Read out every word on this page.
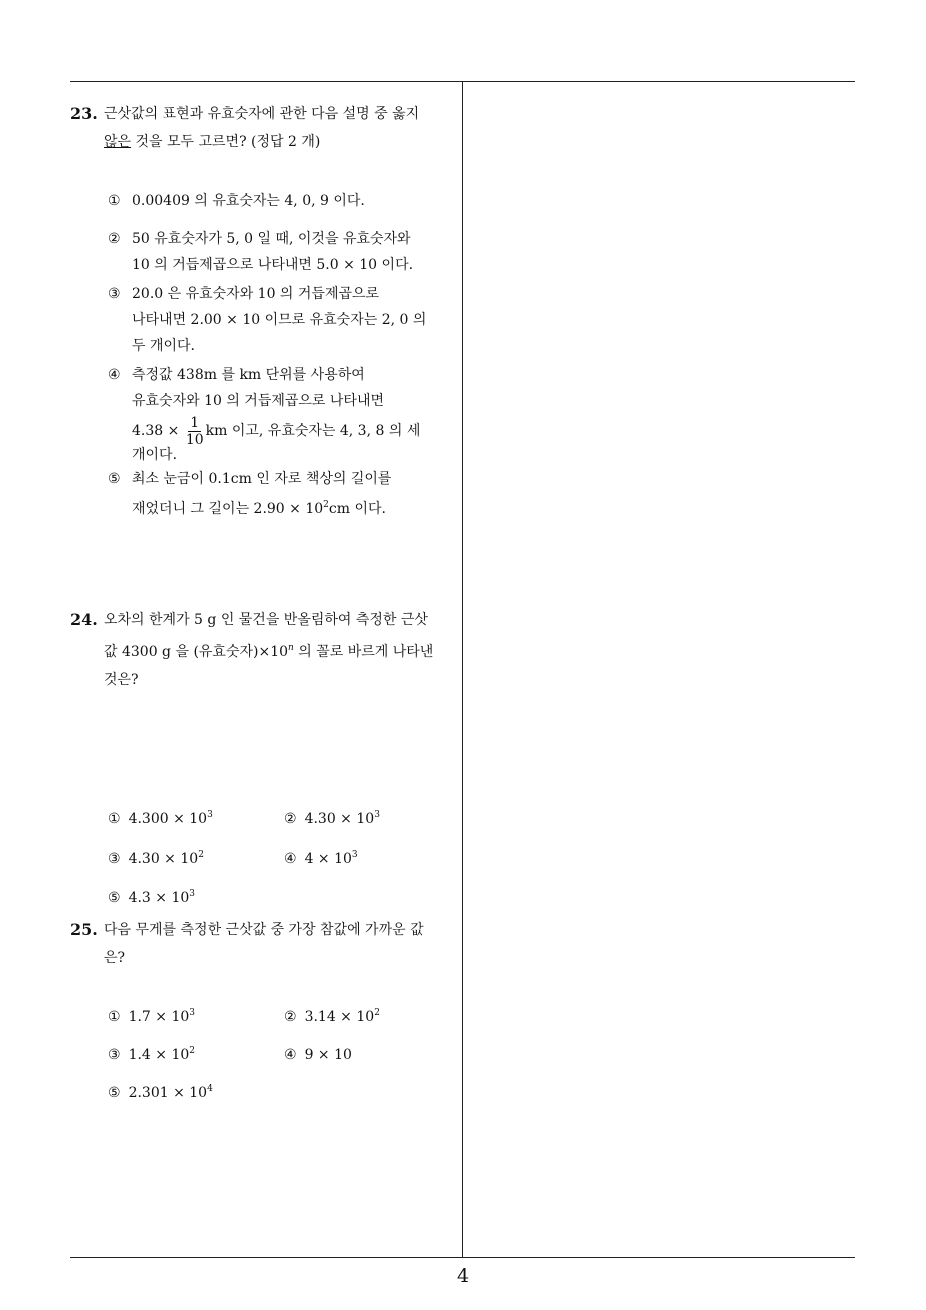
23. 근삿값의 표현과 유효숫자에 관한 다음 설명 중 옳지
않은 것을 모두 고르면? (정답 2 개)
① 0.00409 의 유효숫자는 4, 0, 9 이다.
② 50 유효숫자가 5, 0 일 때, 이것을 유효숫자와
10 의 거듭제곱으로 나타내면 5.0 × 10 이다.
③ 20.0 은 유효숫자와 10 의 거듭제곱으로
나타내면 2.00 × 10 이므로 유효숫자는 2, 0 의
두 개이다.
④ 측정값 438m 를 km 단위를 사용하여
유효숫자와 10 의 거듭제곱으로 나타내면
$4.38 \times \frac{1}{10}$ km 이고, 유효숫자는 4, 3, 8 의 세
개이다.
⑤ 최소 눈금이 0.1cm 인 자로 책상의 길이를
재었더니 그 길이는 $2.90 \times 10^2cm$ 이다.
24. 오차의 한계가 5 g 인 물건을 반올림하여 측정한 근삿
값 4300 g 을 (유효숫자)$\times 10^n$ 의 꼴로 바르게 나타낸
것은?
① $4.300 \times 10^3$	② $4.30 \times 10^3$
③ $4.30 \times 10^2$	④ $4 \times 10^3$
⑤ $4.3 \times 10^3$
25. 다음 무게를 측정한 근삿값 중 가장 참값에 가까운 값
은?
① $1.7 \times 10^3$	② $3.14 \times 10^2$
③ $1.4 \times 10^2$	④ 9 × 10
⑤ $2.301 \times 10^4$
4
